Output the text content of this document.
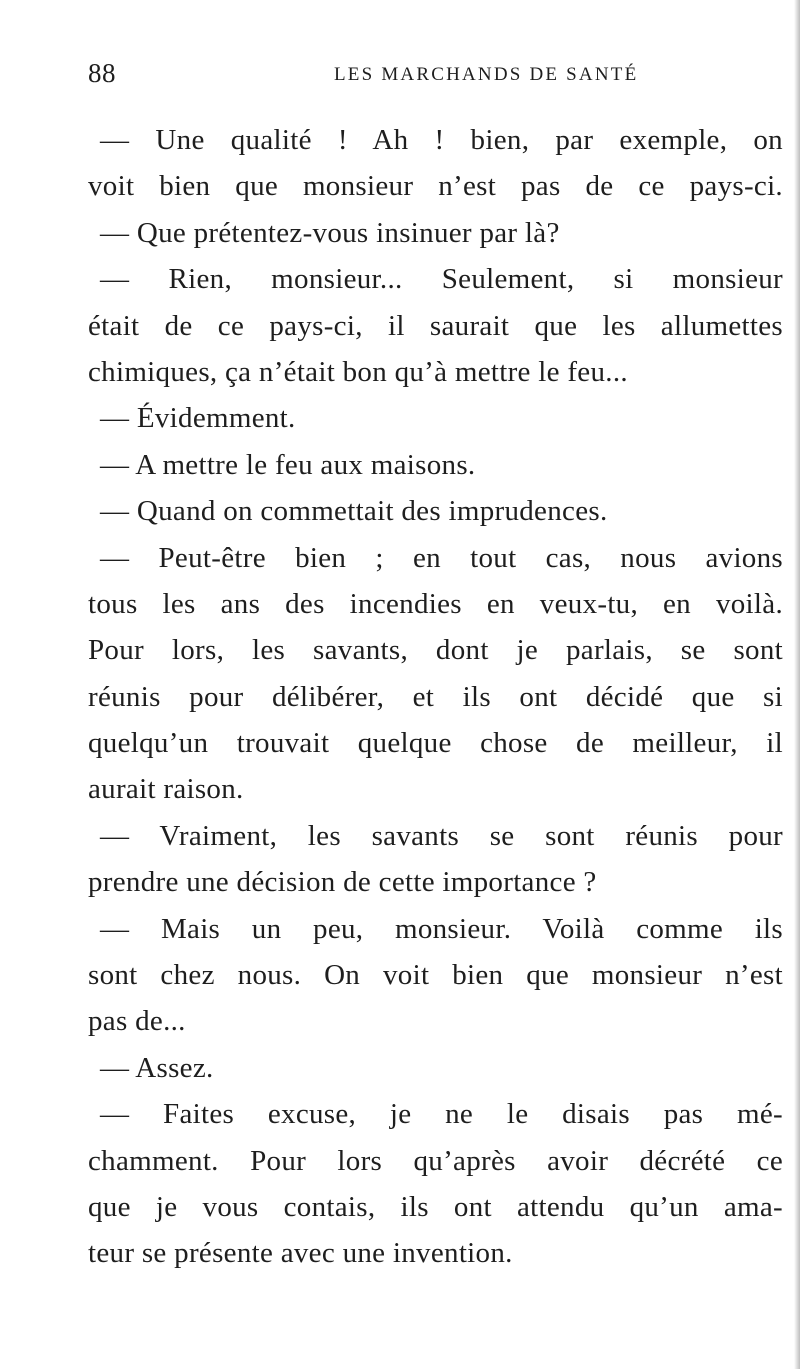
88	LES MARCHANDS DE SANTÉ
— Une qualité ! Ah ! bien, par exemple, on
voit bien que monsieur n’est pas de ce pays-ci.
— Que prétentez-vous insinuer par là?
— Rien, monsieur... Seulement, si monsieur
était de ce pays-ci, il saurait que les allumettes
chimiques, ça n’était bon qu’à mettre le feu...
— Évidemment.
— A mettre le feu aux maisons.
— Quand on commettait des imprudences.
— Peut-être bien ; en tout cas, nous avions
tous les ans des incendies en veux-tu, en voilà.
Pour lors, les savants, dont je parlais, se sont
réunis pour délibérer, et ils ont décidé que si
quelqu’un trouvait quelque chose de meilleur, il
aurait raison.
— Vraiment, les savants se sont réunis pour
prendre une décision de cette importance ?
— Mais un peu, monsieur. Voilà comme ils
sont chez nous. On voit bien que monsieur n’est
pas de...
— Assez.
— Faites excuse, je ne le disais pas mé-
chamment. Pour lors qu’après avoir décrété ce
que je vous contais, ils ont attendu qu’un ama-
teur se présente avec une invention.
